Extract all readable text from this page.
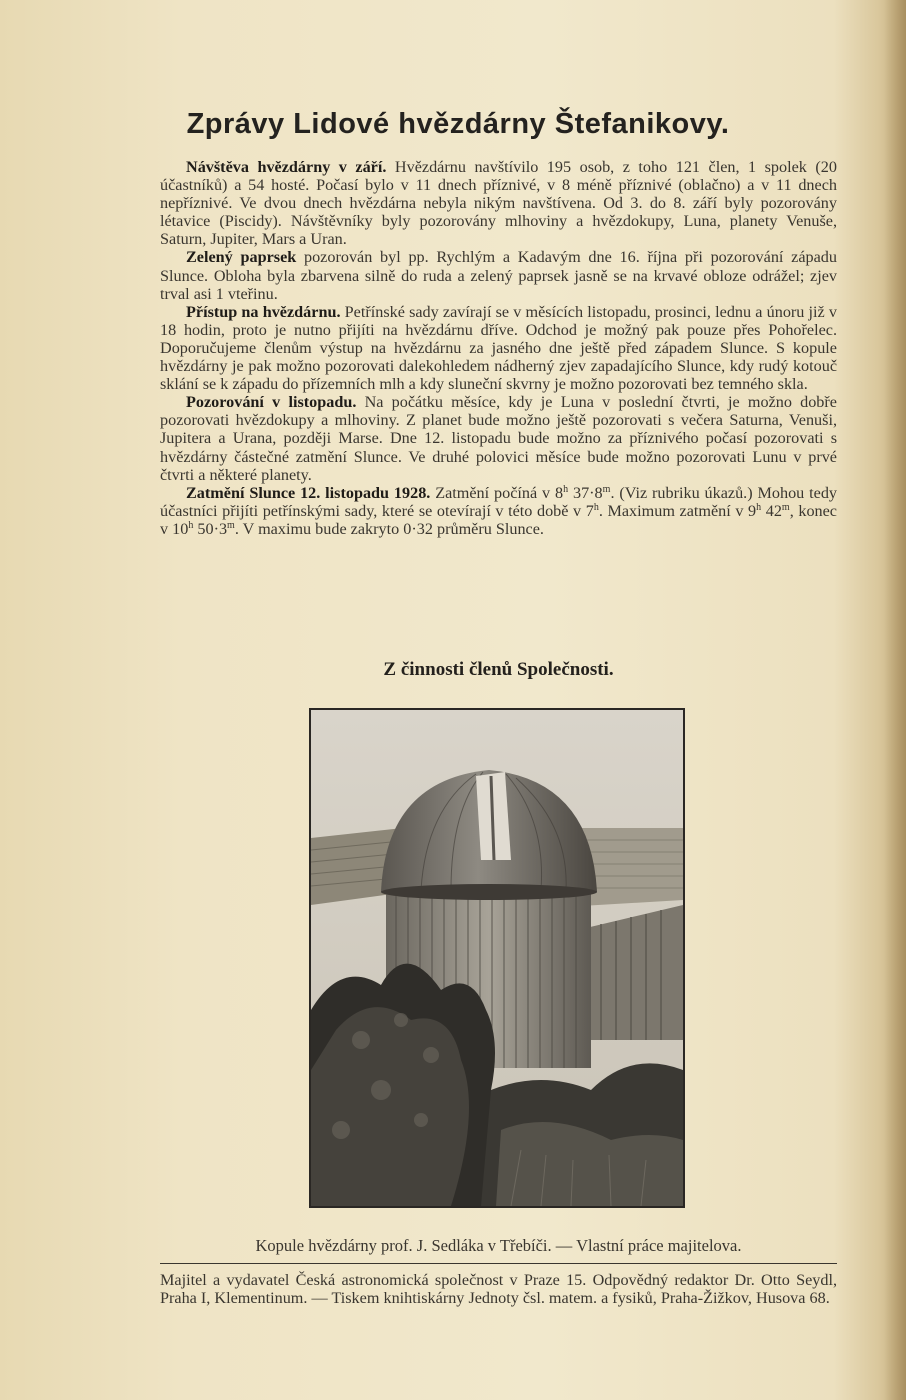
Zprávy Lidové hvězdárny Štefanikovy.

Návštěva hvězdárny v září. Hvězdárnu navštívilo 195 osob, z toho 121 člen, 1 spolek (20 účastníků) a 54 hosté. Počasí bylo v 11 dnech příznivé, v 8 méně příznivé (oblačno) a v 11 dnech nepříznivé. Ve dvou dnech hvězdárna nebyla nikým navštívena. Od 3. do 8. září byly pozorovány létavice (Piscidy). Návštěvníky byly pozorovány mlhoviny a hvězdokupy, Luna, planety Venuše, Saturn, Jupiter, Mars a Uran.

Zelený paprsek pozorován byl pp. Rychlým a Kadavým dne 16. října při pozorování západu Slunce. Obloha byla zbarvena silně do ruda a zelený paprsek jasně se na krvavé obloze odrážel; zjev trval asi 1 vteřinu.

Přístup na hvězdárnu. Petřínské sady zavírají se v měsících listopadu, prosinci, lednu a únoru již v 18 hodin, proto je nutno přijíti na hvězdárnu dříve. Odchod je možný pak pouze přes Pohořelec. Doporučujeme členům výstup na hvězdárnu za jasného dne ještě před západem Slunce. S kopule hvězdárny je pak možno pozorovati dalekohledem nádherný zjev zapadajícího Slunce, kdy rudý kotouč sklání se k západu do přízemních mlh a kdy sluneční skvrny je možno pozorovati bez temného skla.

Pozorování v listopadu. Na počátku měsíce, kdy je Luna v poslední čtvrti, je možno dobře pozorovati hvězdokupy a mlhoviny. Z planet bude možno ještě pozorovati s večera Saturna, Venuši, Jupitera a Urana, později Marse. Dne 12. listopadu bude možno za příznivého počasí pozorovati s hvězdárny částečné zatmění Slunce. Ve druhé polovici měsíce bude možno pozorovati Lunu v prvé čtvrti a některé planety.

Zatmění Slunce 12. listopadu 1928. Zatmění počíná v 8$^h$ $37\cdot 8^m$. (Viz rubriku úkazů.) Mohou tedy účastníci přijíti petřínskými sady, které se otevírají v této době v 7$^h$. Maximum zatmění v 9$^h$ 42$^m$, konec v 10$^h$ $50\cdot 3^m$. V maximu bude zakryto 0·32 průměru Slunce.

Z činnosti členů Společnosti.
Kopule hvězdárny prof. J. Sedláka v Třebíči. — Vlastní práce majitelova.
Majitel a vydavatel Česká astronomická společnost v Praze 15. Odpovědný redaktor Dr. Otto Seydl, Praha I, Klementinum. — Tiskem knihtiskárny Jednoty čsl. matem. a fysiků, Praha-Žižkov, Husova 68.
